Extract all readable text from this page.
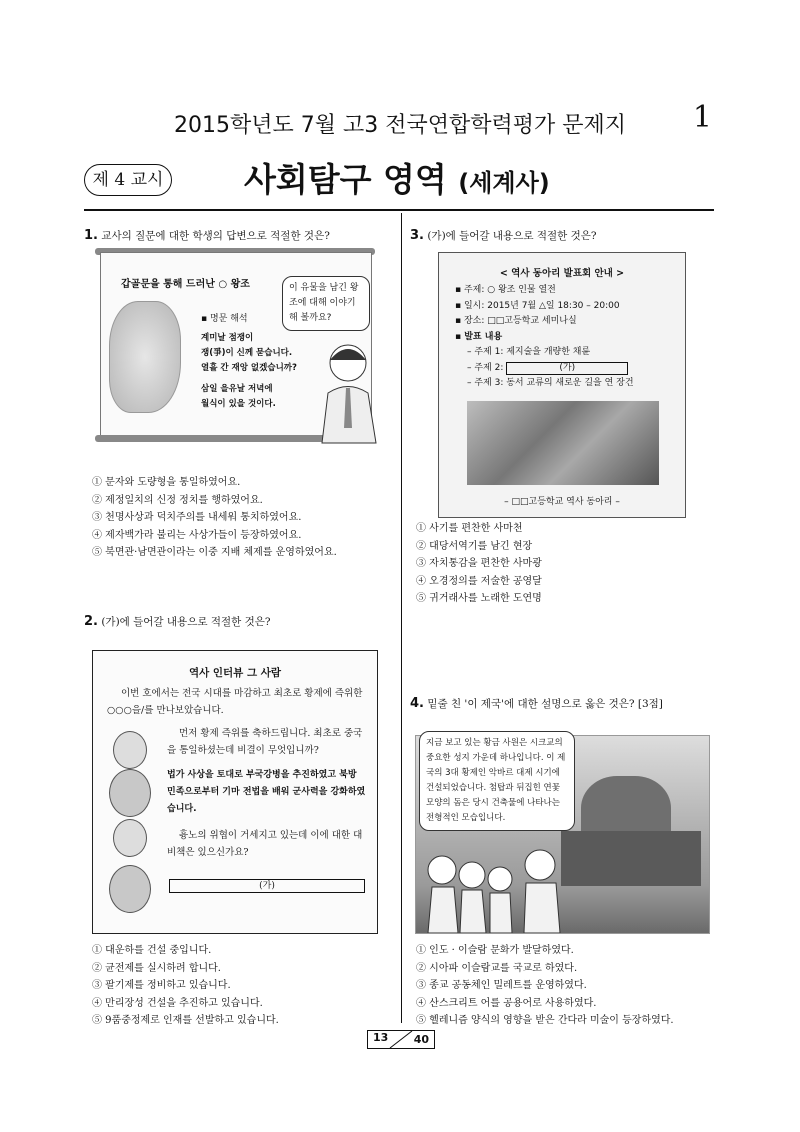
2015학년도 7월 고3 전국연합학력평가 문제지	1
제 4 교시 사회탐구 영역 (세계사)
1. 교사의 질문에 대한 학생의 답변으로 적절한 것은?
갑골문을 통해 드러난 ○ 왕조
▪ 명문 해석
계미날 점쟁이
쟁(爭)이 신께 묻습니다.
열흘 간 재앙 없겠습니까?
삼일 을유날 저녁에
월식이 있을 것이다.
이 유물을 남긴 왕조에 대해 이야기해 볼까요?
① 문자와 도량형을 통일하였어요.
② 제정일치의 신정 정치를 행하였어요.
③ 천명사상과 덕치주의를 내세워 통치하였어요.
④ 제자백가라 불리는 사상가들이 등장하였어요.
⑤ 북면관·남면관이라는 이중 지배 체제를 운영하였어요.
2. (가)에 들어갈 내용으로 적절한 것은?
역사 인터뷰 그 사람
이번 호에서는 전국 시대를 마감하고 최초로 황제에 즉위한 ○○○을/를 만나보았습니다.
먼저 황제 즉위를 축하드립니다. 최초로 중국을 통일하셨는데 비결이 무엇입니까?
법가 사상을 토대로 부국강병을 추진하였고 북방 민족으로부터 기마 전법을 배워 군사력을 강화하였습니다.
흉노의 위협이 거세지고 있는데 이에 대한 대비책은 있으신가요?
(가)
① 대운하를 건설 중입니다.
② 균전제를 실시하려 합니다.
③ 팔기제를 정비하고 있습니다.
④ 만리장성 건설을 추진하고 있습니다.
⑤ 9품중정제로 인재를 선발하고 있습니다.
3. (가)에 들어갈 내용으로 적절한 것은?
< 역사 동아리 발표회 안내 >
▪ 주제: ○ 왕조 인물 열전
▪ 일시: 2015년 7월 △일 18:30 – 20:00
▪ 장소: □□고등학교 세미나실
▪ 발표 내용
– 주제 1: 제지술을 개량한 채륜
– 주제 2:	(가)
– 주제 3: 동서 교류의 새로운 길을 연 장건
– □□고등학교 역사 동아리 –
① 사기를 편찬한 사마천
② 대당서역기를 남긴 현장
③ 자치통감을 편찬한 사마광
④ 오경정의를 저술한 공영달
⑤ 귀거래사를 노래한 도연명
4. 밑줄 친 '이 제국'에 대한 설명으로 옳은 것은? [3점]
지금 보고 있는 황금 사원은 시크교의 중요한 성지 가운데 하나입니다. 이 제국의 3대 황제인 악바르 대제 시기에 건설되었습니다. 첨탑과 뒤집힌 연꽃 모양의 돔은 당시 건축물에 나타나는 전형적인 모습입니다.
① 인도 · 이슬람 문화가 발달하였다.
② 시아파 이슬람교를 국교로 하였다.
③ 종교 공동체인 밀레트를 운영하였다.
④ 산스크리트 어를 공용어로 사용하였다.
⑤ 헬레니즘 양식의 영향을 받은 간다라 미술이 등장하였다.
13 40
